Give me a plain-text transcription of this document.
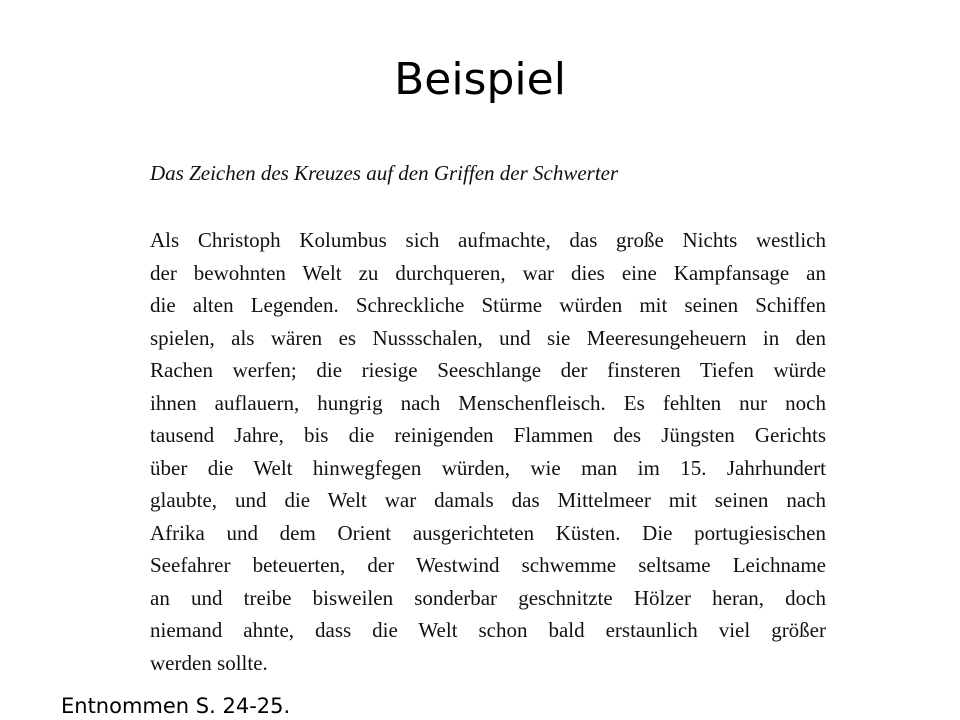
Beispiel
Das Zeichen des Kreuzes auf den Griffen der Schwerter
Als Christoph Kolumbus sich aufmachte, das große Nichts westlich
der bewohnten Welt zu durchqueren, war dies eine Kampfansage an
die alten Legenden. Schreckliche Stürme würden mit seinen Schiffen
spielen, als wären es Nussschalen, und sie Meeresungeheuern in den
Rachen werfen; die riesige Seeschlange der finsteren Tiefen würde
ihnen auflauern, hungrig nach Menschenfleisch. Es fehlten nur noch
tausend Jahre, bis die reinigenden Flammen des Jüngsten Gerichts
über die Welt hinwegfegen würden, wie man im 15. Jahrhundert
glaubte, und die Welt war damals das Mittelmeer mit seinen nach
Afrika und dem Orient ausgerichteten Küsten. Die portugiesischen
Seefahrer beteuerten, der Westwind schwemme seltsame Leichname
an und treibe bisweilen sonderbar geschnitzte Hölzer heran, doch
niemand ahnte, dass die Welt schon bald erstaunlich viel größer
werden sollte.
Entnommen S. 24-25.
